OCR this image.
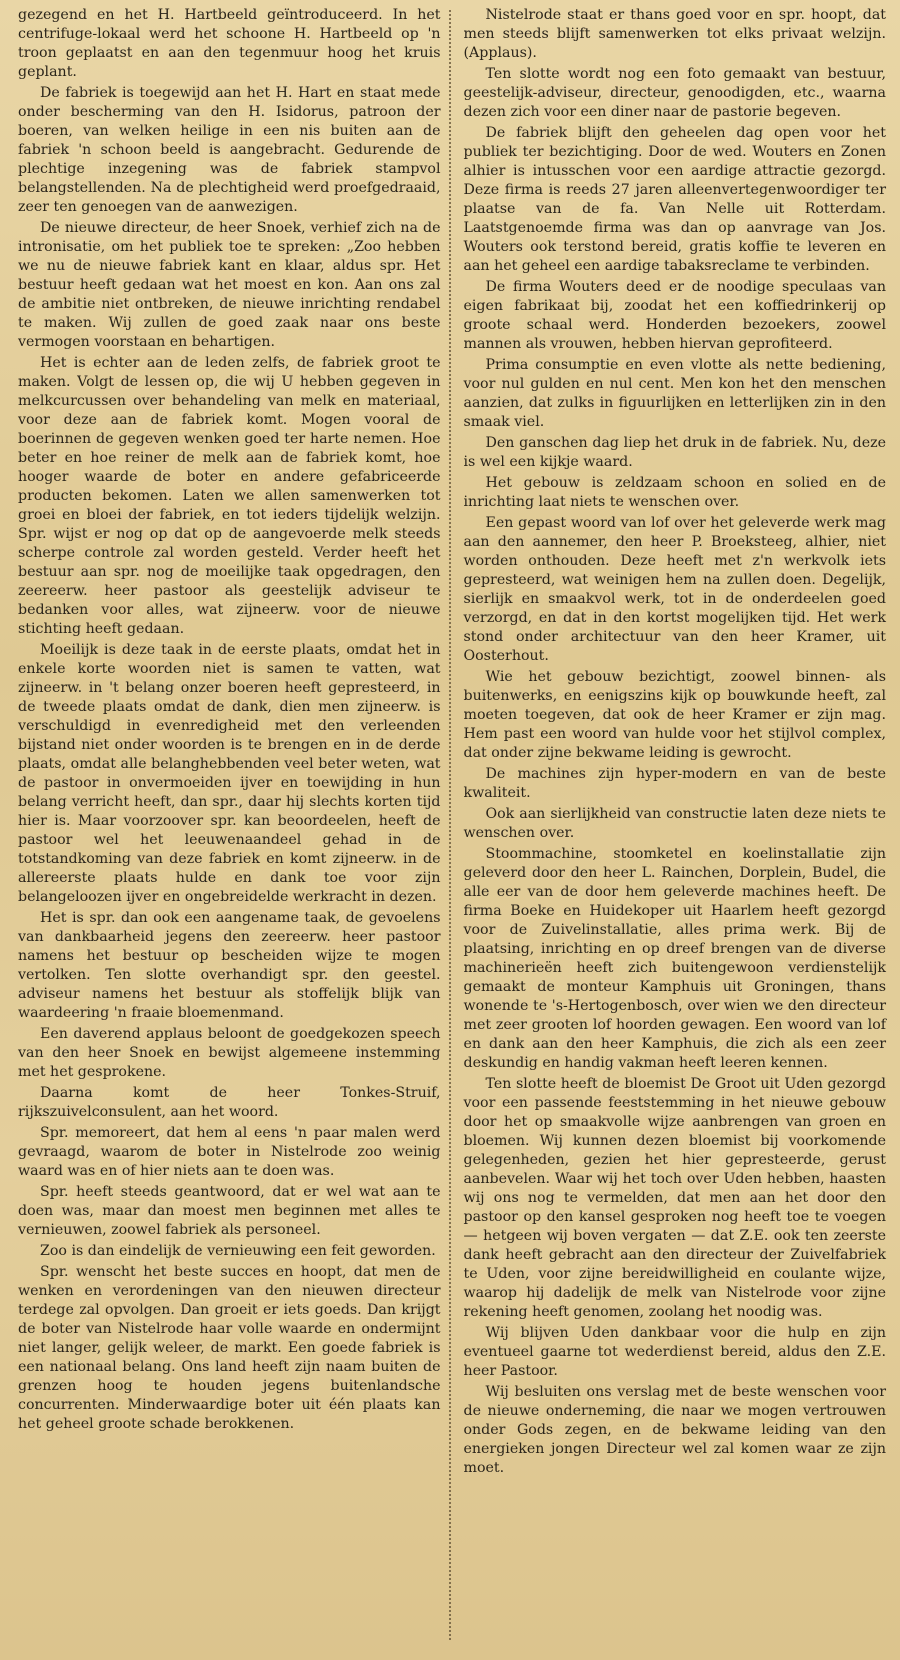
gezegend en het H. Hartbeeld geïntroduceerd. In het centrifuge-lokaal werd het schoone H. Hartbeeld op 'n troon geplaatst en aan den tegenmuur hoog het kruis geplant.

De fabriek is toegewijd aan het H. Hart en staat mede onder bescherming van den H. Isidorus, patroon der boeren, van welken heilige in een nis buiten aan de fabriek 'n schoon beeld is aangebracht. Gedurende de plechtige inzegening was de fabriek stampvol belangstellenden. Na de plechtigheid werd proefgedraaid, zeer ten genoegen van de aanwezigen.

De nieuwe directeur, de heer Snoek, verhief zich na de intronisatie, om het publiek toe te spreken: „Zoo hebben we nu de nieuwe fabriek kant en klaar, aldus spr. Het bestuur heeft gedaan wat het moest en kon. Aan ons zal de ambitie niet ontbreken, de nieuwe inrichting rendabel te maken. Wij zullen de goed zaak naar ons beste vermogen voorstaan en behartigen.

Het is echter aan de leden zelfs, de fabriek groot te maken. Volgt de lessen op, die wij U hebben gegeven in melkcurcussen over behandeling van melk en materiaal, voor deze aan de fabriek komt. Mogen vooral de boerinnen de gegeven wenken goed ter harte nemen. Hoe beter en hoe reiner de melk aan de fabriek komt, hoe hooger waarde de boter en andere gefabriceerde producten bekomen. Laten we allen samenwerken tot groei en bloei der fabriek, en tot ieders tijdelijk welzijn. Spr. wijst er nog op dat op de aangevoerde melk steeds scherpe controle zal worden gesteld. Verder heeft het bestuur aan spr. nog de moeilijke taak opgedragen, den zeereerw. heer pastoor als geestelijk adviseur te bedanken voor alles, wat zijneerw. voor de nieuwe stichting heeft gedaan.

Moeilijk is deze taak in de eerste plaats, omdat het in enkele korte woorden niet is samen te vatten, wat zijneerw. in 't belang onzer boeren heeft gepresteerd, in de tweede plaats omdat de dank, dien men zijneerw. is verschuldigd in evenredigheid met den verleenden bijstand niet onder woorden is te brengen en in de derde plaats, omdat alle belanghebbenden veel beter weten, wat de pastoor in onvermoeiden ijver en toewijding in hun belang verricht heeft, dan spr., daar hij slechts korten tijd hier is. Maar voorzoover spr. kan beoordeelen, heeft de pastoor wel het leeuwenaandeel gehad in de totstandkoming van deze fabriek en komt zijneerw. in de allereerste plaats hulde en dank toe voor zijn belangeloozen ijver en ongebreidelde werkracht in dezen.

Het is spr. dan ook een aangename taak, de gevoelens van dankbaarheid jegens den zeereerw. heer pastoor namens het bestuur op bescheiden wijze te mogen vertolken. Ten slotte overhandigt spr. den geestel. adviseur namens het bestuur als stoffelijk blijk van waardeering 'n fraaie bloemenmand.

Een daverend applaus beloont de goedgekozen speech van den heer Snoek en bewijst algemeene instemming met het gesprokene.

Daarna komt de heer Tonkes-Struif, rijkszuivelconsulent, aan het woord.

Spr. memoreert, dat hem al eens 'n paar malen werd gevraagd, waarom de boter in Nistelrode zoo weinig waard was en of hier niets aan te doen was.

Spr. heeft steeds geantwoord, dat er wel wat aan te doen was, maar dan moest men beginnen met alles te vernieuwen, zoowel fabriek als personeel.

Zoo is dan eindelijk de vernieuwing een feit geworden.

Spr. wenscht het beste succes en hoopt, dat men de wenken en verordeningen van den nieuwen directeur terdege zal opvolgen. Dan groeit er iets goeds. Dan krijgt de boter van Nistelrode haar volle waarde en ondermijnt niet langer, gelijk weleer, de markt. Een goede fabriek is een nationaal belang. Ons land heeft zijn naam buiten de grenzen hoog te houden jegens buitenlandsche concurrenten. Minderwaardige boter uit één plaats kan het geheel groote schade berokkenen.

Nistelrode staat er thans goed voor en spr. hoopt, dat men steeds blijft samenwerken tot elks privaat welzijn. (Applaus).

Ten slotte wordt nog een foto gemaakt van bestuur, geestelijk-adviseur, directeur, genoodigden, etc., waarna dezen zich voor een diner naar de pastorie begeven.

De fabriek blijft den geheelen dag open voor het publiek ter bezichtiging. Door de wed. Wouters en Zonen alhier is intusschen voor een aardige attractie gezorgd. Deze firma is reeds 27 jaren alleenvertegenwoordiger ter plaatse van de fa. Van Nelle uit Rotterdam. Laatstgenoemde firma was dan op aanvrage van Jos. Wouters ook terstond bereid, gratis koffie te leveren en aan het geheel een aardige tabaksreclame te verbinden.

De firma Wouters deed er de noodige speculaas van eigen fabrikaat bij, zoodat het een koffiedrinkerij op groote schaal werd. Honderden bezoekers, zoowel mannen als vrouwen, hebben hiervan geprofiteerd.

Prima consumptie en even vlotte als nette bediening, voor nul gulden en nul cent. Men kon het den menschen aanzien, dat zulks in figuurlijken en letterlijken zin in den smaak viel.

Den ganschen dag liep het druk in de fabriek. Nu, deze is wel een kijkje waard.

Het gebouw is zeldzaam schoon en solied en de inrichting laat niets te wenschen over.

Een gepast woord van lof over het geleverde werk mag aan den aannemer, den heer P. Broeksteeg, alhier, niet worden onthouden. Deze heeft met z'n werkvolk iets gepresteerd, wat weinigen hem na zullen doen. Degelijk, sierlijk en smaakvol werk, tot in de onderdeelen goed verzorgd, en dat in den kortst mogelijken tijd. Het werk stond onder architectuur van den heer Kramer, uit Oosterhout.

Wie het gebouw bezichtigt, zoowel binnen- als buitenwerks, en eenigszins kijk op bouwkunde heeft, zal moeten toegeven, dat ook de heer Kramer er zijn mag. Hem past een woord van hulde voor het stijlvol complex, dat onder zijne bekwame leiding is gewrocht.

De machines zijn hyper-modern en van de beste kwaliteit.

Ook aan sierlijkheid van constructie laten deze niets te wenschen over.

Stoommachine, stoomketel en koelinstallatie zijn geleverd door den heer L. Rainchen, Dorplein, Budel, die alle eer van de door hem geleverde machines heeft. De firma Boeke en Huidekoper uit Haarlem heeft gezorgd voor de Zuivelinstallatie, alles prima werk. Bij de plaatsing, inrichting en op dreef brengen van de diverse machinerieën heeft zich buitengewoon verdienstelijk gemaakt de monteur Kamphuis uit Groningen, thans wonende te 's-Hertogenbosch, over wien we den directeur met zeer grooten lof hoorden gewagen. Een woord van lof en dank aan den heer Kamphuis, die zich als een zeer deskundig en handig vakman heeft leeren kennen.

Ten slotte heeft de bloemist De Groot uit Uden gezorgd voor een passende feeststemming in het nieuwe gebouw door het op smaakvolle wijze aanbrengen van groen en bloemen. Wij kunnen dezen bloemist bij voorkomende gelegenheden, gezien het hier gepresteerde, gerust aanbevelen. Waar wij het toch over Uden hebben, haasten wij ons nog te vermelden, dat men aan het door den pastoor op den kansel gesproken nog heeft toe te voegen — hetgeen wij boven vergaten — dat Z.E. ook ten zeerste dank heeft gebracht aan den directeur der Zuivelfabriek te Uden, voor zijne bereidwilligheid en coulante wijze, waarop hij dadelijk de melk van Nistelrode voor zijne rekening heeft genomen, zoolang het noodig was.

Wij blijven Uden dankbaar voor die hulp en zijn eventueel gaarne tot wederdienst bereid, aldus den Z.E. heer Pastoor.

Wij besluiten ons verslag met de beste wenschen voor de nieuwe onderneming, die naar we mogen vertrouwen onder Gods zegen, en de bekwame leiding van den energieken jongen Directeur wel zal komen waar ze zijn moet.
